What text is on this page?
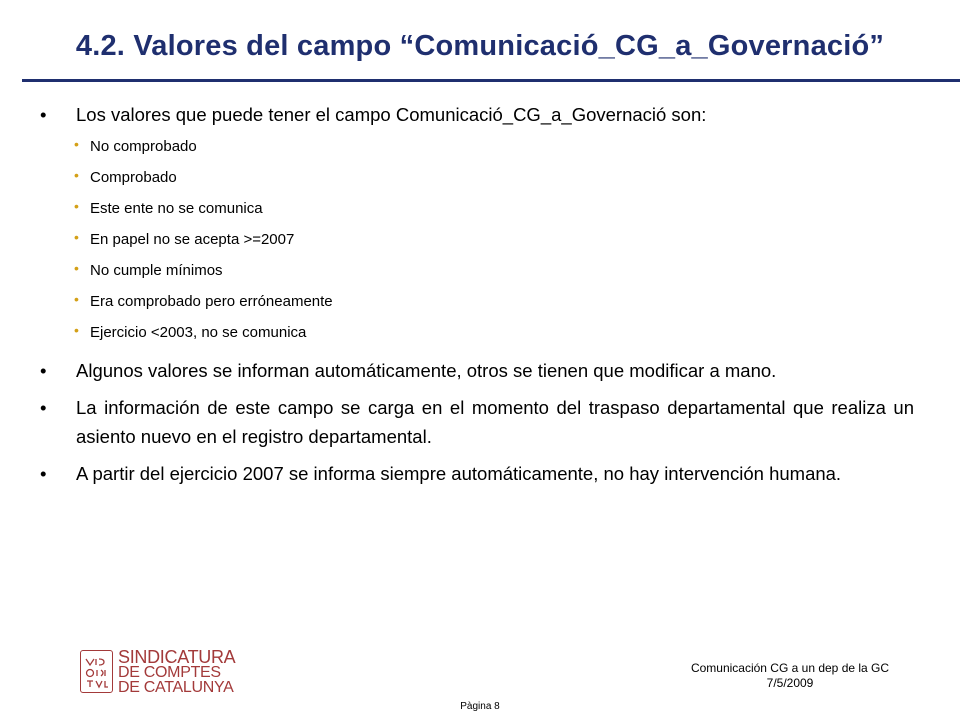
4.2. Valores del campo “Comunicació_CG_a_Governació”
• Los valores que puede tener el campo Comunicació_CG_a_Governació son:
• No comprobado
• Comprobado
• Este ente no se comunica
• En papel no se acepta >=2007
• No cumple mínimos
• Era comprobado pero erróneamente
• Ejercicio <2003, no se comunica
• Algunos valores se informan automáticamente, otros se tienen que modificar a mano.
• La información de este campo se carga en el momento del traspaso departamental que realiza un asiento nuevo en el registro departamental.
• A partir del ejercicio 2007 se informa siempre automáticamente, no hay intervención humana.
SINDICATURA
DE COMPTES
DE CATALUNYA
Comunicación CG a un dep de la GC
7/5/2009
Pàgina 8
